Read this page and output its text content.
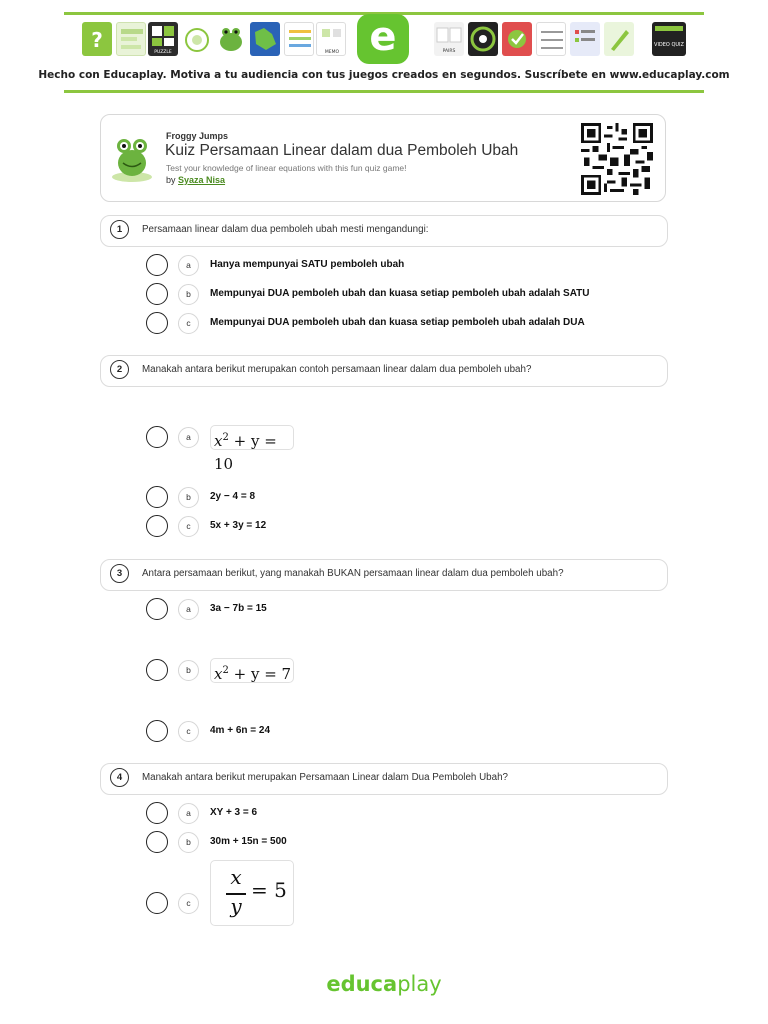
?
PUZZLE	MEMO	PAIRS
VIDEO QUIZ
e
Hecho con Educaplay. Motiva a tu audiencia con tus juegos creados en segundos. Suscríbete en www.educaplay.com
Froggy Jumps
Kuiz Persamaan Linear dalam dua Pemboleh Ubah
Test your knowledge of linear equations with this fun quiz game!
by Syaza Nisa
1	Persamaan linear dalam dua pemboleh ubah mesti mengandungi:
a	Hanya mempunyai SATU pemboleh ubah
b	Mempunyai DUA pemboleh ubah dan kuasa setiap pemboleh ubah adalah SATU
c	Mempunyai DUA pemboleh ubah dan kuasa setiap pemboleh ubah adalah DUA
2	Manakah antara berikut merupakan contoh persamaan linear dalam dua pemboleh ubah?
a	$x^2 + y = 10$
b	2y − 4 = 8
c	5x + 3y = 12
3	Antara persamaan berikut, yang manakah BUKAN persamaan linear dalam dua pemboleh ubah?
a	3a − 7b = 15
b	$x^2 + y = 7$
c	4m + 6n = 24
4	Manakah antara berikut merupakan Persamaan Linear dalam Dua Pemboleh Ubah?
a	XY + 3 = 6
b	30m + 15n = 500
c
x
y
= 5
educaplay
